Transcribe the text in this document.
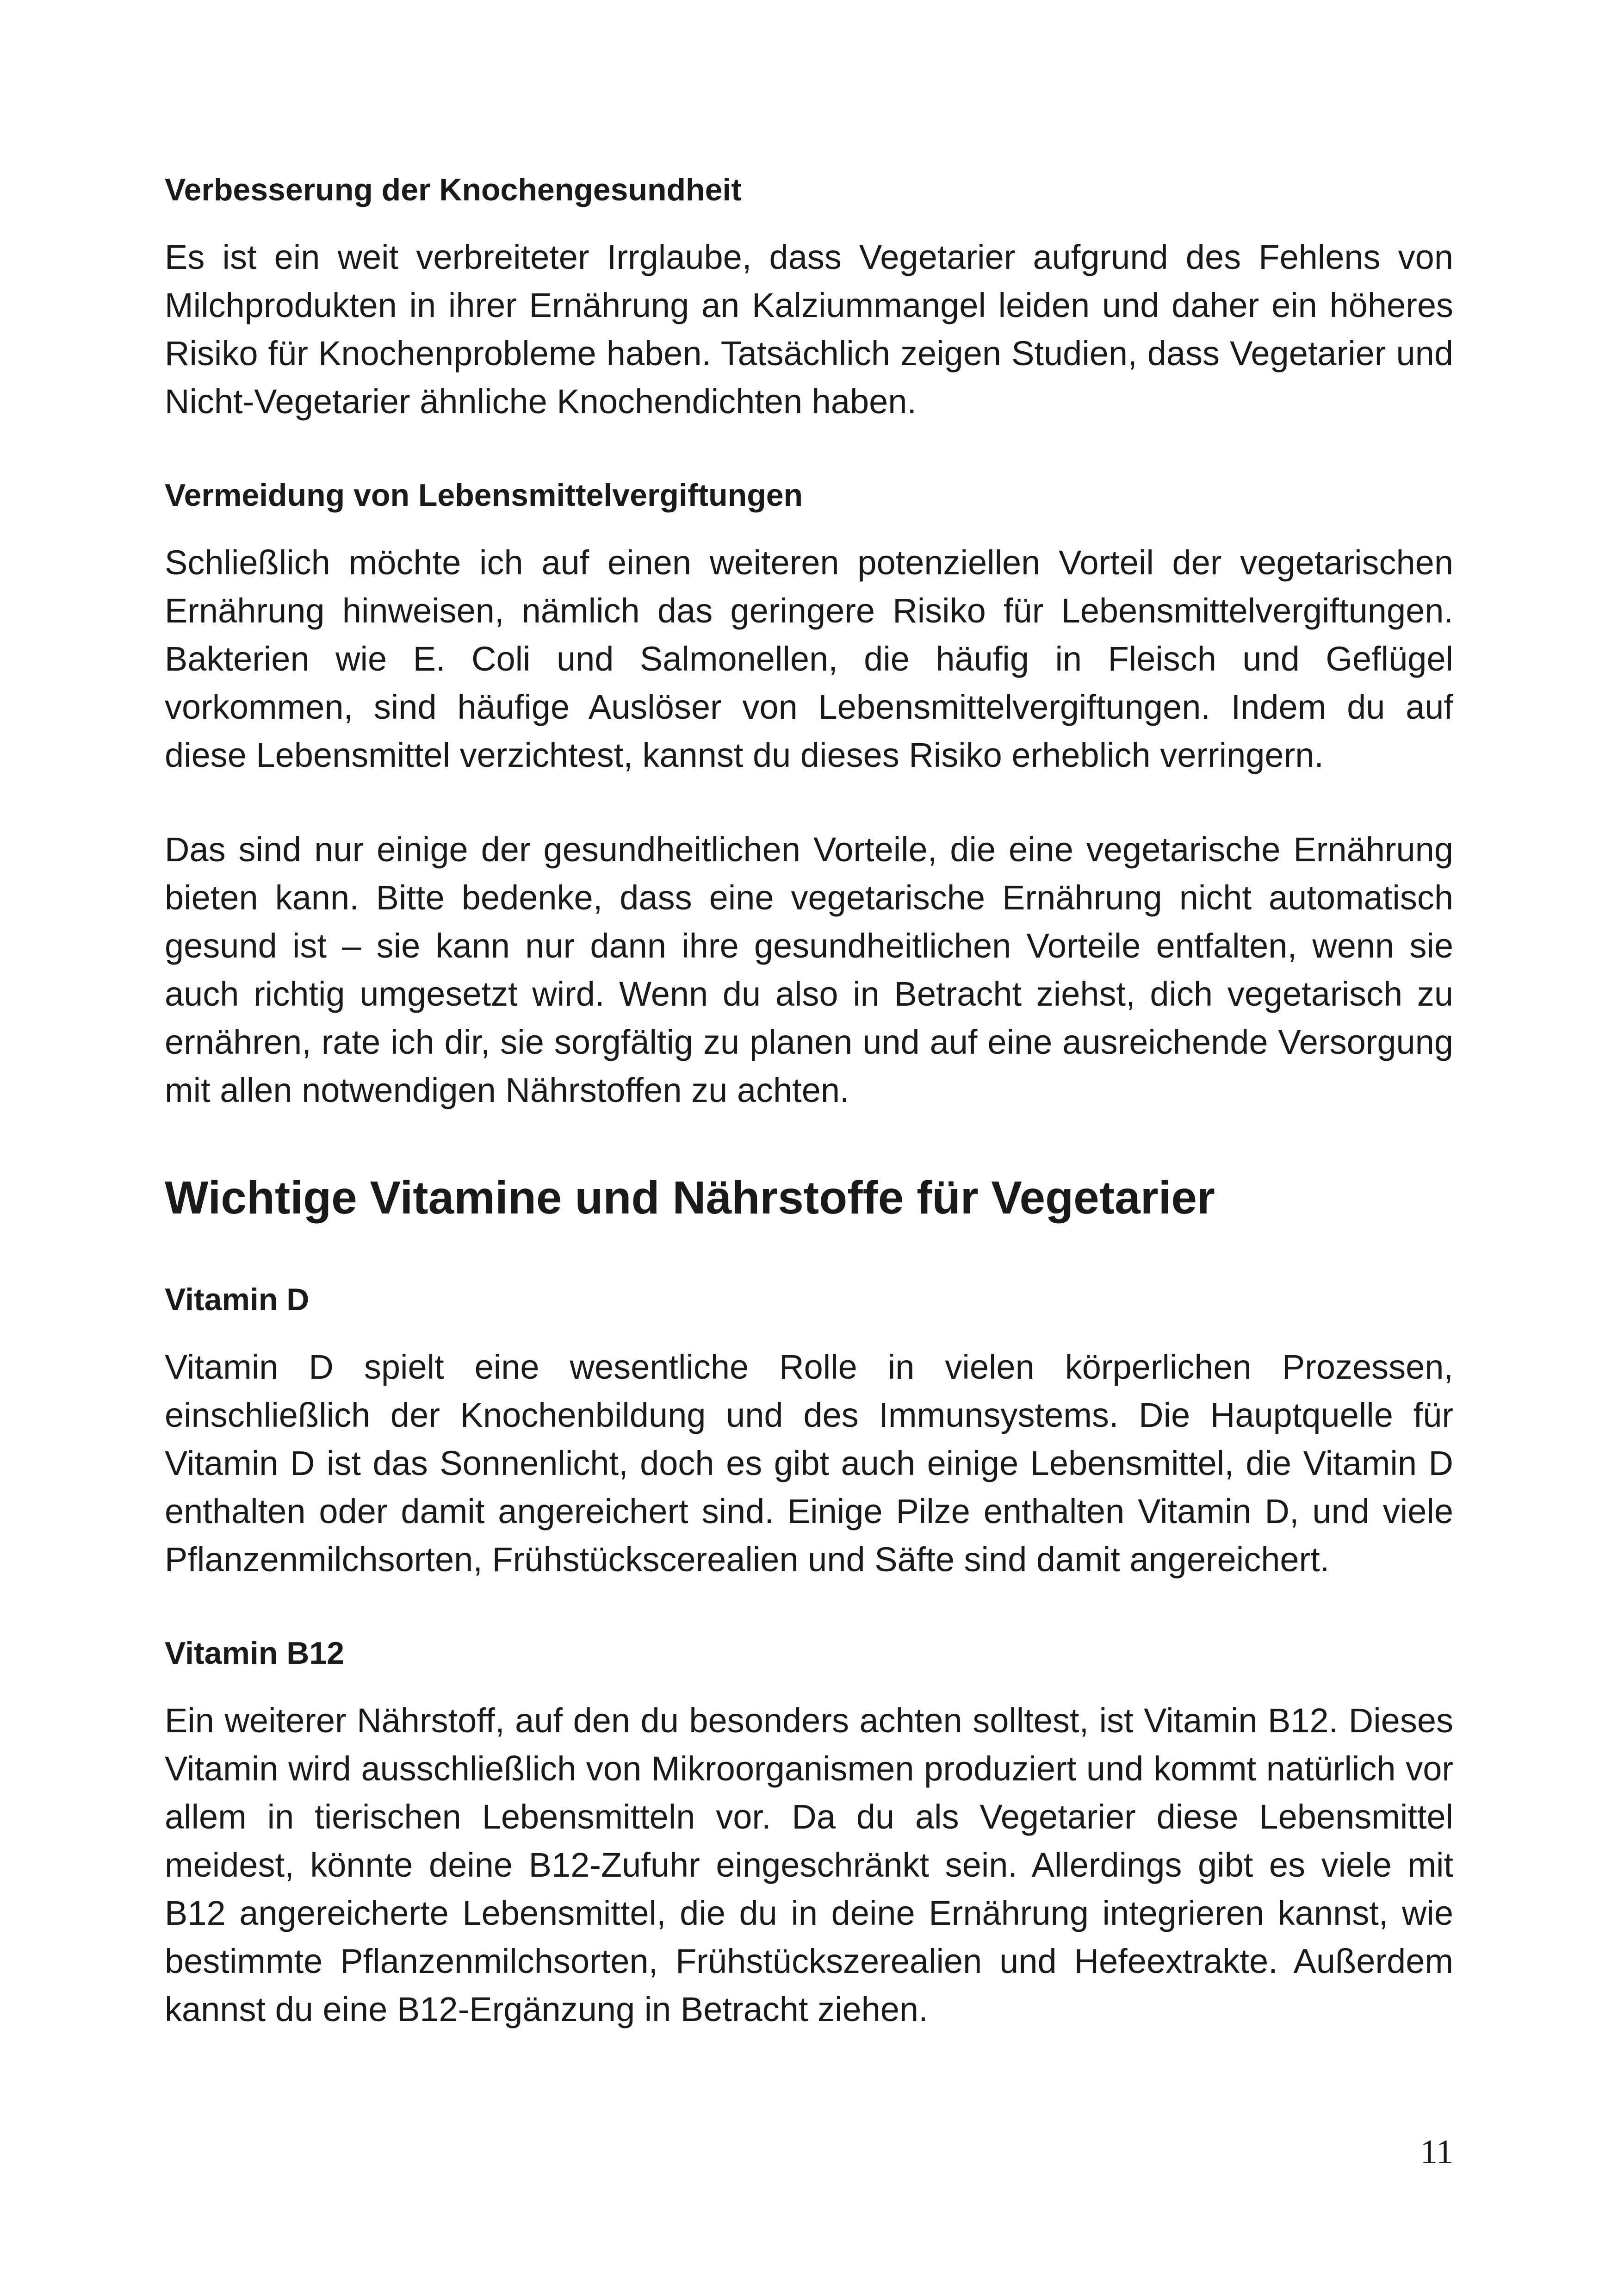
Verbesserung der Knochengesundheit

Es ist ein weit verbreiteter Irrglaube, dass Vegetarier aufgrund des Fehlens von Milchprodukten in ihrer Ernährung an Kalziummangel leiden und daher ein höheres Risiko für Knochenprobleme haben. Tatsächlich zeigen Studien, dass Vegetarier und Nicht-Vegetarier ähnliche Knochendichten haben.

Vermeidung von Lebensmittelvergiftungen

Schließlich möchte ich auf einen weiteren potenziellen Vorteil der vegetarischen Ernährung hinweisen, nämlich das geringere Risiko für Lebensmittelvergiftungen. Bakterien wie E. Coli und Salmonellen, die häufig in Fleisch und Geflügel vorkommen, sind häufige Auslöser von Lebensmittelvergiftungen. Indem du auf diese Lebensmittel verzichtest, kannst du dieses Risiko erheblich verringern.

Das sind nur einige der gesundheitlichen Vorteile, die eine vegetarische Ernährung bieten kann. Bitte bedenke, dass eine vegetarische Ernährung nicht automatisch gesund ist – sie kann nur dann ihre gesundheitlichen Vorteile entfalten, wenn sie auch richtig umgesetzt wird. Wenn du also in Betracht ziehst, dich vegetarisch zu ernähren, rate ich dir, sie sorgfältig zu planen und auf eine ausreichende Versorgung mit allen notwendigen Nährstoffen zu achten.

Wichtige Vitamine und Nährstoffe für Vegetarier
Vitamin D

Vitamin D spielt eine wesentliche Rolle in vielen körperlichen Prozessen, einschließlich der Knochenbildung und des Immunsystems. Die Hauptquelle für Vitamin D ist das Sonnenlicht, doch es gibt auch einige Lebensmittel, die Vitamin D enthalten oder damit angereichert sind. Einige Pilze enthalten Vitamin D, und viele Pflanzenmilchsorten, Frühstückscerealien und Säfte sind damit angereichert.

Vitamin B12

Ein weiterer Nährstoff, auf den du besonders achten solltest, ist Vitamin B12. Dieses Vitamin wird ausschließlich von Mikroorganismen produziert und kommt natürlich vor allem in tierischen Lebensmitteln vor. Da du als Vegetarier diese Lebensmittel meidest, könnte deine B12-Zufuhr eingeschränkt sein. Allerdings gibt es viele mit B12 angereicherte Lebensmittel, die du in deine Ernährung integrieren kannst, wie bestimmte Pflanzenmilchsorten, Frühstückszerealien und Hefeextrakte. Außerdem kannst du eine B12-Ergänzung in Betracht ziehen.

11
